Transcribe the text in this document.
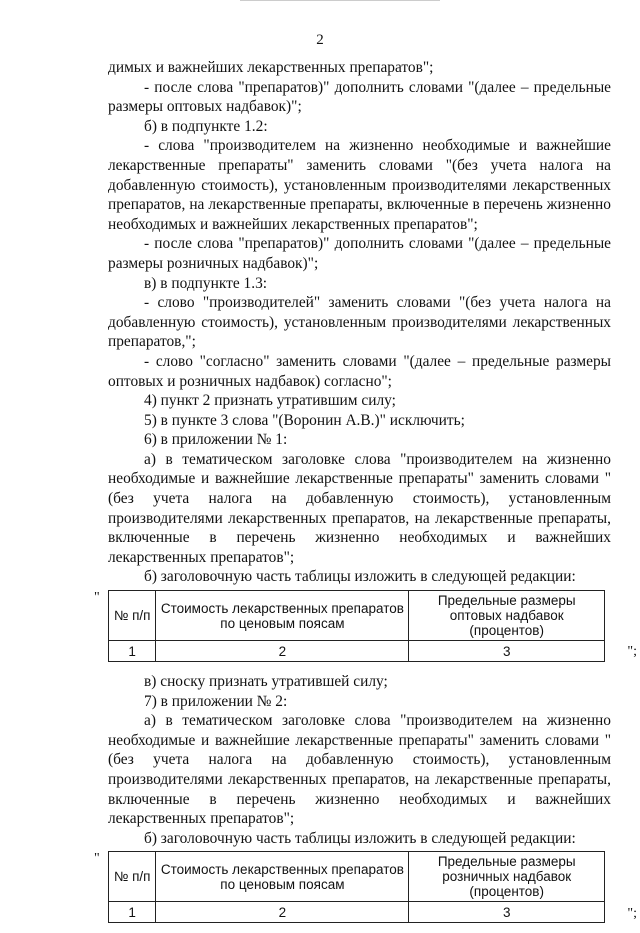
2

димых и важнейших лекарственных препаратов";

- после слова "препаратов)" дополнить словами "(далее – предельные размеры оптовых надбавок)";

б) в подпункте 1.2:

- слова "производителем на жизненно необходимые и важнейшие лекарственные препараты" заменить словами "(без учета налога на добавленную стоимость), установленным производителями лекарственных препаратов, на лекарственные препараты, включенные в перечень жизненно необходимых и важнейших лекарственных препаратов";

- после слова "препаратов)" дополнить словами "(далее – предельные размеры розничных надбавок)";

в) в подпункте 1.3:

- слово "производителей" заменить словами "(без учета налога на добавленную стоимость), установленным производителями лекарственных препаратов,";

- слово "согласно" заменить словами "(далее – предельные размеры оптовых и розничных надбавок) согласно";

4) пункт 2 признать утратившим силу;

5) в пункте 3 слова "(Воронин А.В.)" исключить;

6) в приложении № 1:

а) в тематическом заголовке слова "производителем на жизненно необходимые и важнейшие лекарственные препараты" заменить словами "(без учета налога на добавленную стоимость), установленным производителями лекарственных препаратов, на лекарственные препараты, включенные в перечень жизненно необходимых и важнейших лекарственных препаратов";

б) заголовочную часть таблицы изложить в следующей редакции:

"
№ п/п	Стоимость лекарственных препаратов по ценовым поясам	Предельные размеры оптовых надбавок (процентов)
1	2	3	";

в) сноску признать утратившей силу;

7) в приложении № 2:

а) в тематическом заголовке слова "производителем на жизненно необходимые и важнейшие лекарственные препараты" заменить словами "(без учета налога на добавленную стоимость), установленным производителями лекарственных препаратов, на лекарственные препараты, включенные в перечень жизненно необходимых и важнейших лекарственных препаратов";

б) заголовочную часть таблицы изложить в следующей редакции:

"
№ п/п	Стоимость лекарственных препаратов по ценовым поясам	Предельные размеры розничных надбавок (процентов)
1	2	3	";
